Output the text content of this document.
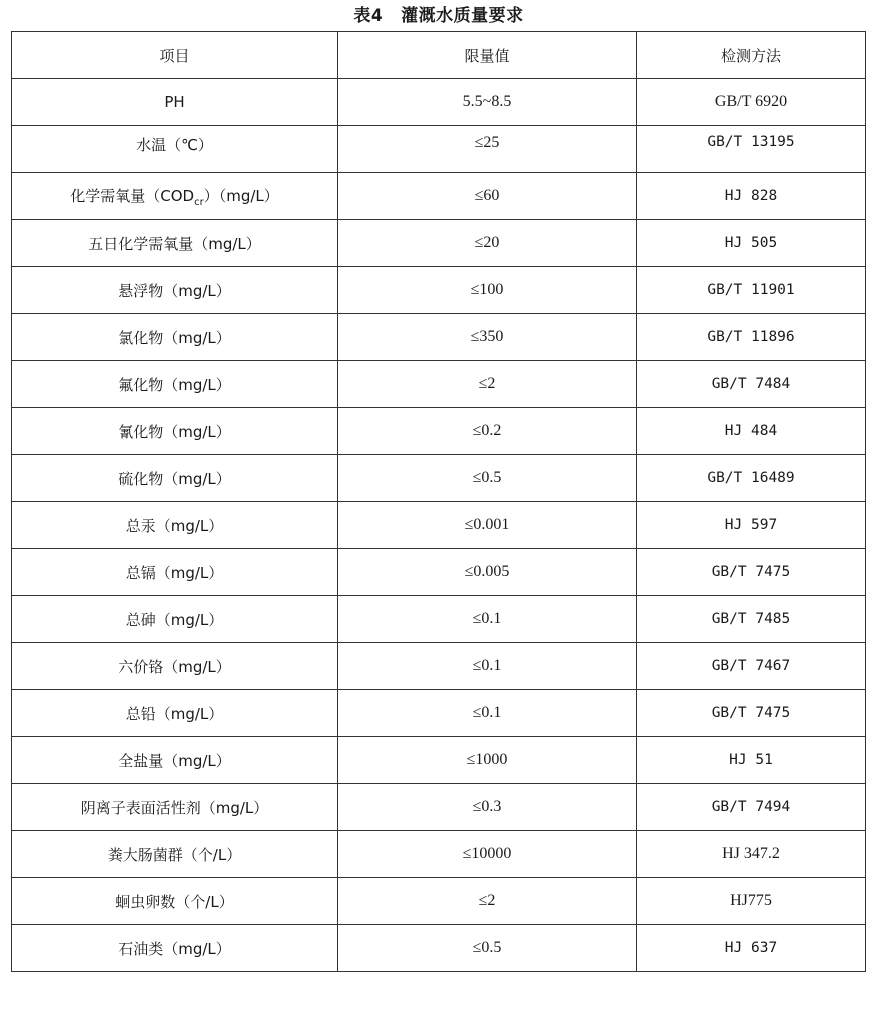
表4 灌溉水质量要求
项目	限量值	检测方法
PH	5.5~8.5	GB/T 6920
水温（℃）	≤25	GB/T 13195
化学需氧量$(COD_{cr})(mg/L)$	≤60	HJ 828
五日化学需氧量（mg/L）	≤20	HJ 505
悬浮物（mg/L）	≤100	GB/T 11901
氯化物（mg/L）	≤350	GB/T 11896
氟化物（mg/L）	≤2	GB/T 7484
氰化物（mg/L）	≤0.2	HJ 484
硫化物（mg/L）	≤0.5	GB/T 16489
总汞（mg/L）	≤0.001	HJ 597
总镉（mg/L）	≤0.005	GB/T 7475
总砷（mg/L）	≤0.1	GB/T 7485
六价铬（mg/L）	≤0.1	GB/T 7467
总铅（mg/L）	≤0.1	GB/T 7475
全盐量（mg/L）	≤1000	HJ 51
阴离子表面活性剂（mg/L）	≤0.3	GB/T 7494
粪大肠菌群（个/L）	≤10000	HJ 347.2
蛔虫卵数（个/L）	≤2	HJ775
石油类（mg/L）	≤0.5	HJ 637
